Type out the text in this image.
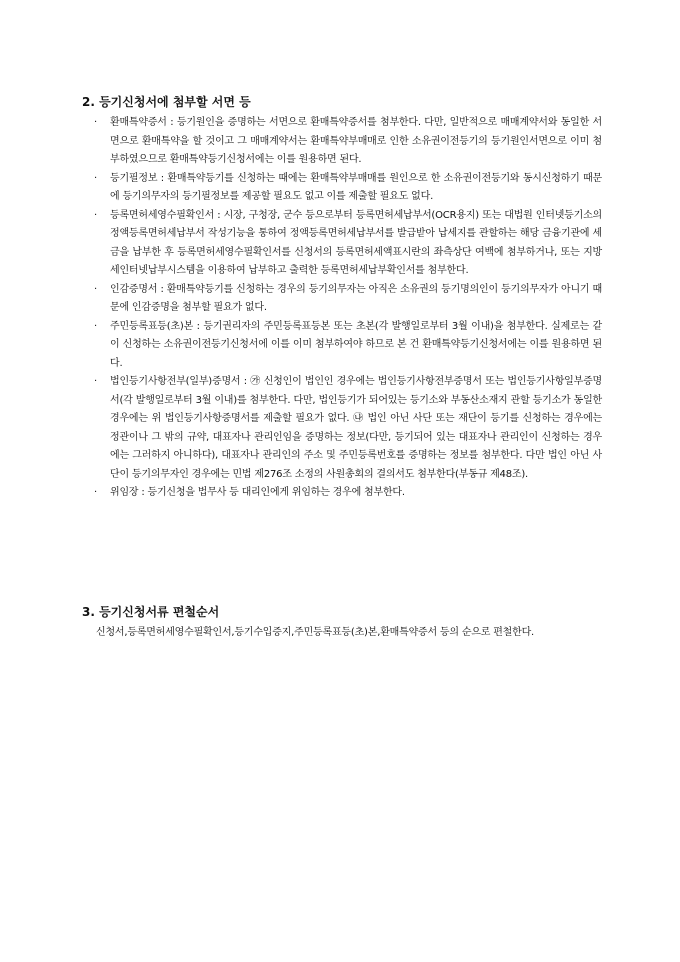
2. 등기신청서에 첨부할 서면 등
· 환매특약증서 : 등기원인을 증명하는 서면으로 환매특약증서를 첨부한다. 다만, 일반적으로 매매계약서와 동일한 서면으로 환매특약을 할 것이고 그 매매계약서는 환매특약부매매로 인한 소유권이전등기의 등기원인서면으로 이미 첨부하였으므로 환매특약등기신청서에는 이를 원용하면 된다.
· 등기필정보 : 환매특약등기를 신청하는 때에는 환매특약부매매를 원인으로 한 소유권이전등기와 동시신청하기 때문에 등기의무자의 등기필정보를 제공할 필요도 없고 이를 제출할 필요도 없다.
· 등록면허세영수필확인서 : 시장, 구청장, 군수 등으로부터 등록면허세납부서(OCR용지) 또는 대법원 인터넷등기소의 정액등록면허세납부서 작성기능을 통하여 정액등록면허세납부서를 발급받아 납세지를 관할하는 해당 금융기관에 세금을 납부한 후 등록면허세영수필확인서를 신청서의 등록면허세액표시란의 좌측상단 여백에 첨부하거나, 또는 지방세인터넷납부시스템을 이용하여 납부하고 출력한 등록면허세납부확인서를 첨부한다.
· 인감증명서 : 환매특약등기를 신청하는 경우의 등기의무자는 아직은 소유권의 등기명의인이 등기의무자가 아니기 때문에 인감증명을 첨부할 필요가 없다.
· 주민등록표등(초)본 : 등기권리자의 주민등록표등본 또는 초본(각 발행일로부터 3월 이내)을 첨부한다. 실제로는 같이 신청하는 소유권이전등기신청서에 이를 이미 첨부하여야 하므로 본 건 환매특약등기신청서에는 이를 원용하면 된다.
· 법인등기사항전부(일부)증명서 : ㉮ 신청인이 법인인 경우에는 법인등기사항전부증명서 또는 법인등기사항일부증명서(각 발행일로부터 3월 이내)를 첨부한다. 다만, 법인등기가 되어있는 등기소와 부동산소재지 관할 등기소가 동일한 경우에는 위 법인등기사항증명서를 제출할 필요가 없다. ㉯ 법인 아닌 사단 또는 재단이 등기를 신청하는 경우에는 정관이나 그 밖의 규약, 대표자나 관리인임을 증명하는 정보(다만, 등기되어 있는 대표자나 관리인이 신청하는 경우에는 그러하지 아니하다), 대표자나 관리인의 주소 및 주민등록번호를 증명하는 정보를 첨부한다. 다만 법인 아닌 사단이 등기의무자인 경우에는 민법 제276조 소정의 사원총회의 결의서도 첨부한다(부동규 제48조).
· 위임장 : 등기신청을 법무사 등 대리인에게 위임하는 경우에 첨부한다.
3. 등기신청서류 편철순서

신청서,등록면허세영수필확인서,등기수입증지,주민등록표등(초)본,환매특약증서 등의 순으로 편철한다.
